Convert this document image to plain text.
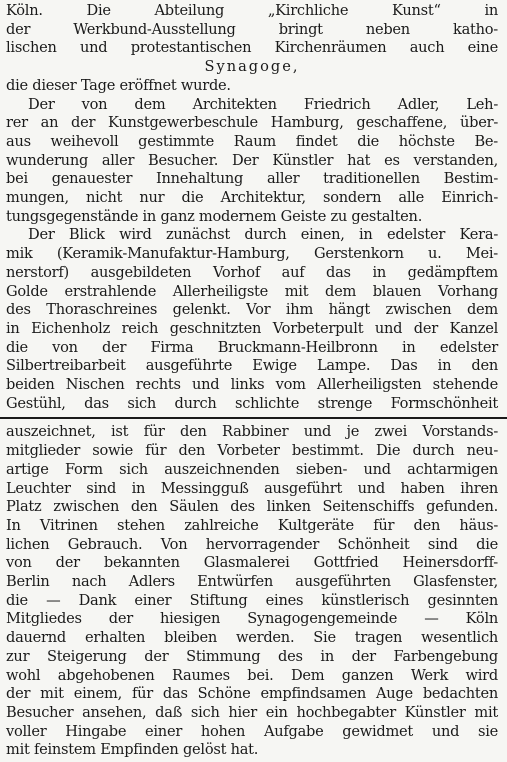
Köln. Die Abteilung „Kirchliche Kunst“ in
der Werkbund-Ausstellung bringt neben katho-
lischen und protestantischen Kirchenräumen auch eine
Synagoge,
die dieser Tage eröffnet wurde.
Der von dem Architekten Friedrich Adler, Leh-
rer an der Kunstgewerbeschule Hamburg, geschaffene, über-
aus weihevoll gestimmte Raum findet die höchste Be-
wunderung aller Besucher. Der Künstler hat es verstanden,
bei genauester Innehaltung aller traditionellen Bestim-
mungen, nicht nur die Architektur, sondern alle Einrich-
tungsgegenstände in ganz modernem Geiste zu gestalten.
Der Blick wird zunächst durch einen, in edelster Kera-
mik (Keramik-Manufaktur-Hamburg, Gerstenkorn u. Mei-
nerstorf) ausgebildeten Vorhof auf das in gedämpftem
Golde erstrahlende Allerheiligste mit dem blauen Vorhang
des Thoraschreines gelenkt. Vor ihm hängt zwischen dem
in Eichenholz reich geschnitzten Vorbeterpult und der Kanzel
die von der Firma Bruckmann-Heilbronn in edelster
Silbertreibarbeit ausgeführte Ewige Lampe. Das in den
beiden Nischen rechts und links vom Allerheiligsten stehende
Gestühl, das sich durch schlichte strenge Formschönheit
auszeichnet, ist für den Rabbiner und je zwei Vorstands-
mitglieder sowie für den Vorbeter bestimmt. Die durch neu-
artige Form sich auszeichnenden sieben- und achtarmigen
Leuchter sind in Messingguß ausgeführt und haben ihren
Platz zwischen den Säulen des linken Seitenschiffs gefunden.
In Vitrinen stehen zahlreiche Kultgeräte für den häus-
lichen Gebrauch. Von hervorragender Schönheit sind die
von der bekannten Glasmalerei Gottfried Heinersdorff-
Berlin nach Adlers Entwürfen ausgeführten Glasfenster,
die — Dank einer Stiftung eines künstlerisch gesinnten
Mitgliedes der hiesigen Synagogengemeinde — Köln
dauernd erhalten bleiben werden. Sie tragen wesentlich
zur Steigerung der Stimmung des in der Farbengebung
wohl abgehobenen Raumes bei. Dem ganzen Werk wird
der mit einem, für das Schöne empfindsamen Auge bedachten
Besucher ansehen, daß sich hier ein hochbegabter Künstler mit
voller Hingabe einer hohen Aufgabe gewidmet und sie
mit feinstem Empfinden gelöst hat.
